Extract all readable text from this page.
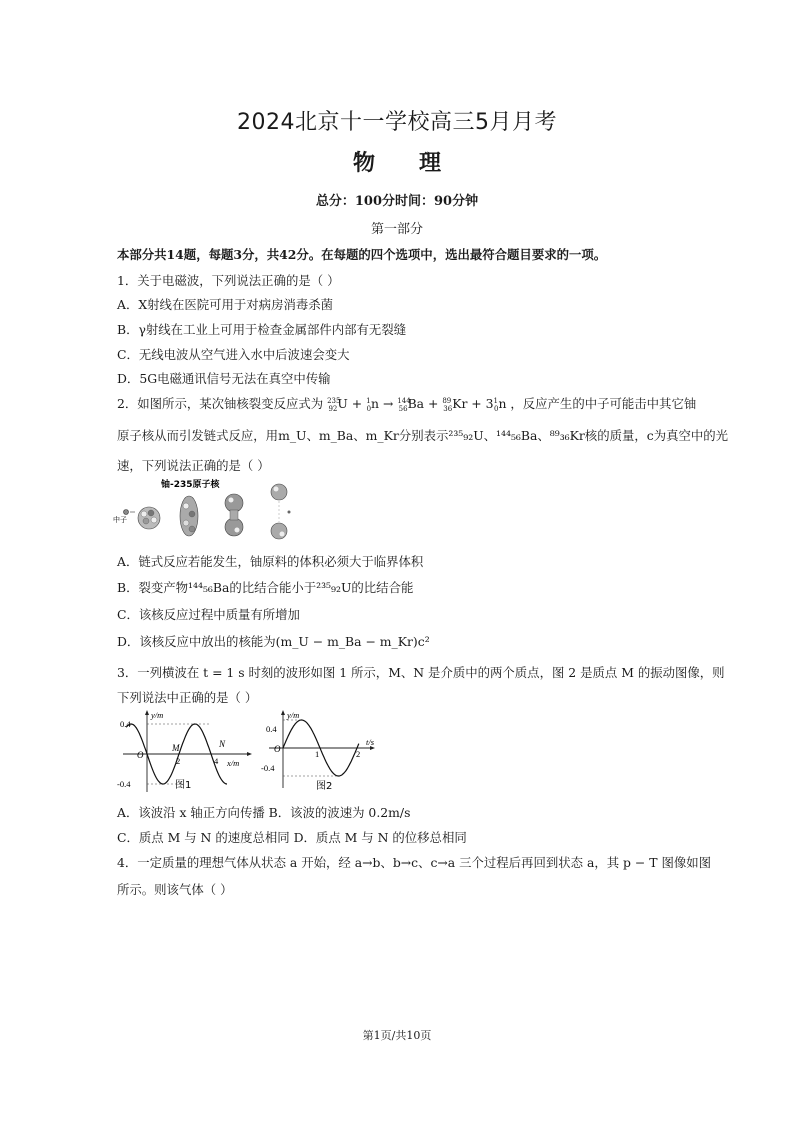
2024北京十一学校高三5月月考
物理
总分：100分时间：90分钟
第一部分
本部分共14题，每题3分，共42分。在每题的四个选项中，选出最符合题目要求的一项。
1．关于电磁波，下列说法正确的是（ ）
A．X射线在医院可用于对病房消毒杀菌
B．γ射线在工业上可用于检查金属部件内部有无裂缝
C．无线电波从空气进入水中后波速会变大
D．5G电磁通讯信号无法在真空中传输
2．如图所示，某次铀核裂变反应式为 $^{235}_{92}U + ^1_0n \to ^{144}_{56}Ba + ^{89}_{36}Kr + 3^1_0n$ ，反应产生的中子可能击中其它铀
原子核从而引发链式反应，用m_U、m_Ba、m_Kr分别表示²³⁵₉₂U、¹⁴⁴₅₆Ba、⁸⁹₃₆Kr核的质量，c为真空中的光
速，下列说法正确的是（ ）
铀-235原子核
中子
A．链式反应若能发生，铀原料的体积必须大于临界体积
B．裂变产物¹⁴⁴₅₆Ba的比结合能小于²³⁵₉₂U的比结合能
C．该核反应过程中质量有所增加
D．该核反应中放出的核能为(m_U − m_Ba − m_Kr)c²
3．一列横波在 t = 1 s 时刻的波形如图 1 所示，M、N 是介质中的两个质点，图 2 是质点 M 的振动图像，则
下列说法中正确的是（ ）
y/m
x/m
0.4
-0.4
O
2	4
M	N
图1
y/m
t/s
0.4
-0.4
O	1	2
图2
A．该波沿 x 轴正方向传播 B．该波的波速为 0.2m/s
C．质点 M 与 N 的速度总相同 D．质点 M 与 N 的位移总相同
4．一定质量的理想气体从状态 a 开始，经 a→b、b→c、c→a 三个过程后再回到状态 a，其 p − T 图像如图
所示。则该气体（ ）
第1页/共10页
